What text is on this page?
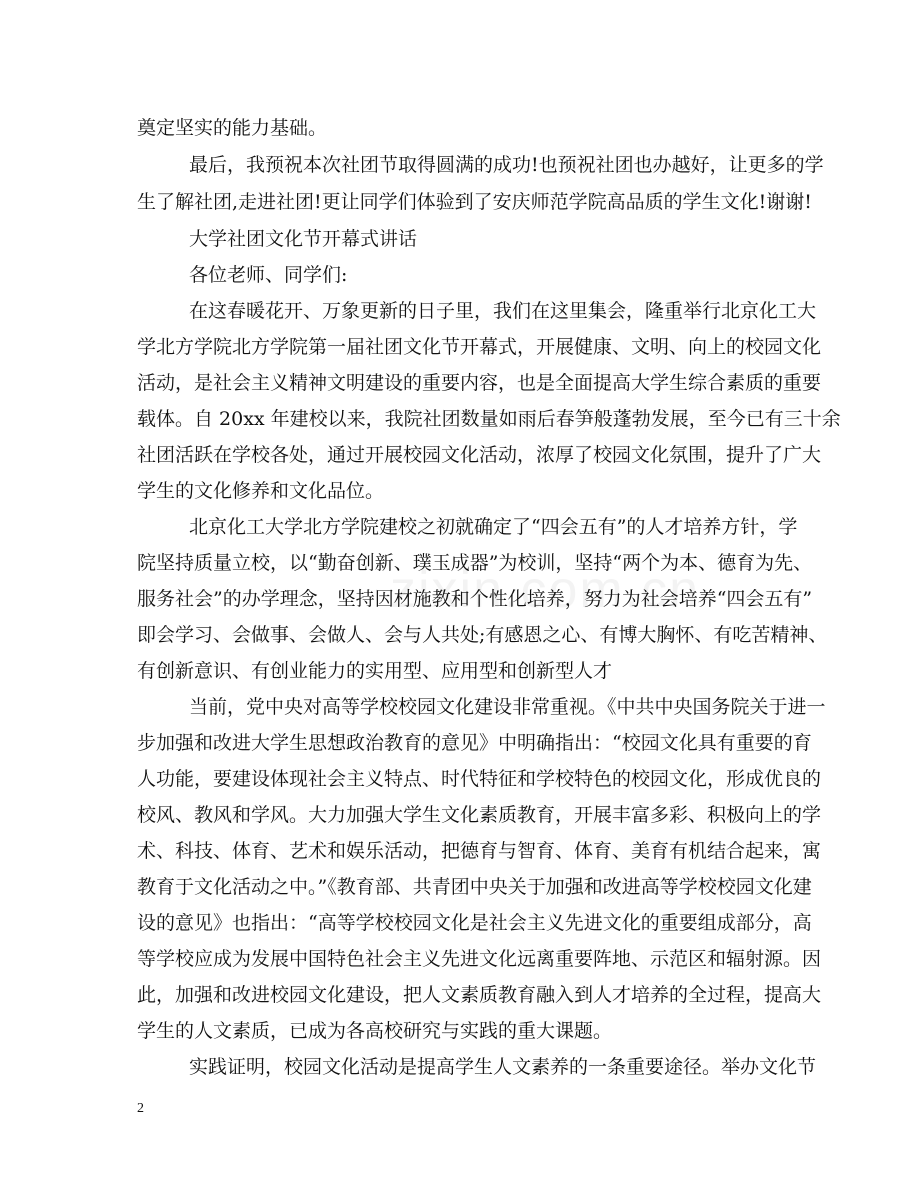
奠定坚实的能力基础。
最后，我预祝本次社团节取得圆满的成功!也预祝社团也办越好，让更多的学
生了解社团,走进社团!更让同学们体验到了安庆师范学院高品质的学生文化!谢谢!
大学社团文化节开幕式讲话
各位老师、同学们:
在这春暖花开、万象更新的日子里，我们在这里集会，隆重举行北京化工大
学北方学院北方学院第一届社团文化节开幕式，开展健康、文明、向上的校园文化
活动，是社会主义精神文明建设的重要内容，也是全面提高大学生综合素质的重要
载体。自 20xx 年建校以来，我院社团数量如雨后春笋般蓬勃发展，至今已有三十余
社团活跃在学校各处，通过开展校园文化活动，浓厚了校园文化氛围，提升了广大
学生的文化修养和文化品位。
北京化工大学北方学院建校之初就确定了“四会五有”的人才培养方针，学
院坚持质量立校，以“勤奋创新、璞玉成器”为校训，坚持“两个为本、德育为先、
服务社会”的办学理念，坚持因材施教和个性化培养，努力为社会培养“四会五有”
即会学习、会做事、会做人、会与人共处;有感恩之心、有博大胸怀、有吃苦精神、
有创新意识、有创业能力的实用型、应用型和创新型人才
当前，党中央对高等学校校园文化建设非常重视。《中共中央国务院关于进一
步加强和改进大学生思想政治教育的意见》中明确指出：“校园文化具有重要的育
人功能，要建设体现社会主义特点、时代特征和学校特色的校园文化，形成优良的
校风、教风和学风。大力加强大学生文化素质教育，开展丰富多彩、积极向上的学
术、科技、体育、艺术和娱乐活动，把德育与智育、体育、美育有机结合起来，寓
教育于文化活动之中。”《教育部、共青团中央关于加强和改进高等学校校园文化建
设的意见》也指出：“高等学校校园文化是社会主义先进文化的重要组成部分，高
等学校应成为发展中国特色社会主义先进文化远离重要阵地、示范区和辐射源。因
此，加强和改进校园文化建设，把人文素质教育融入到人才培养的全过程，提高大
学生的人文素质，已成为各高校研究与实践的重大课题。
实践证明，校园文化活动是提高学生人文素养的一条重要途径。举办文化节
2
